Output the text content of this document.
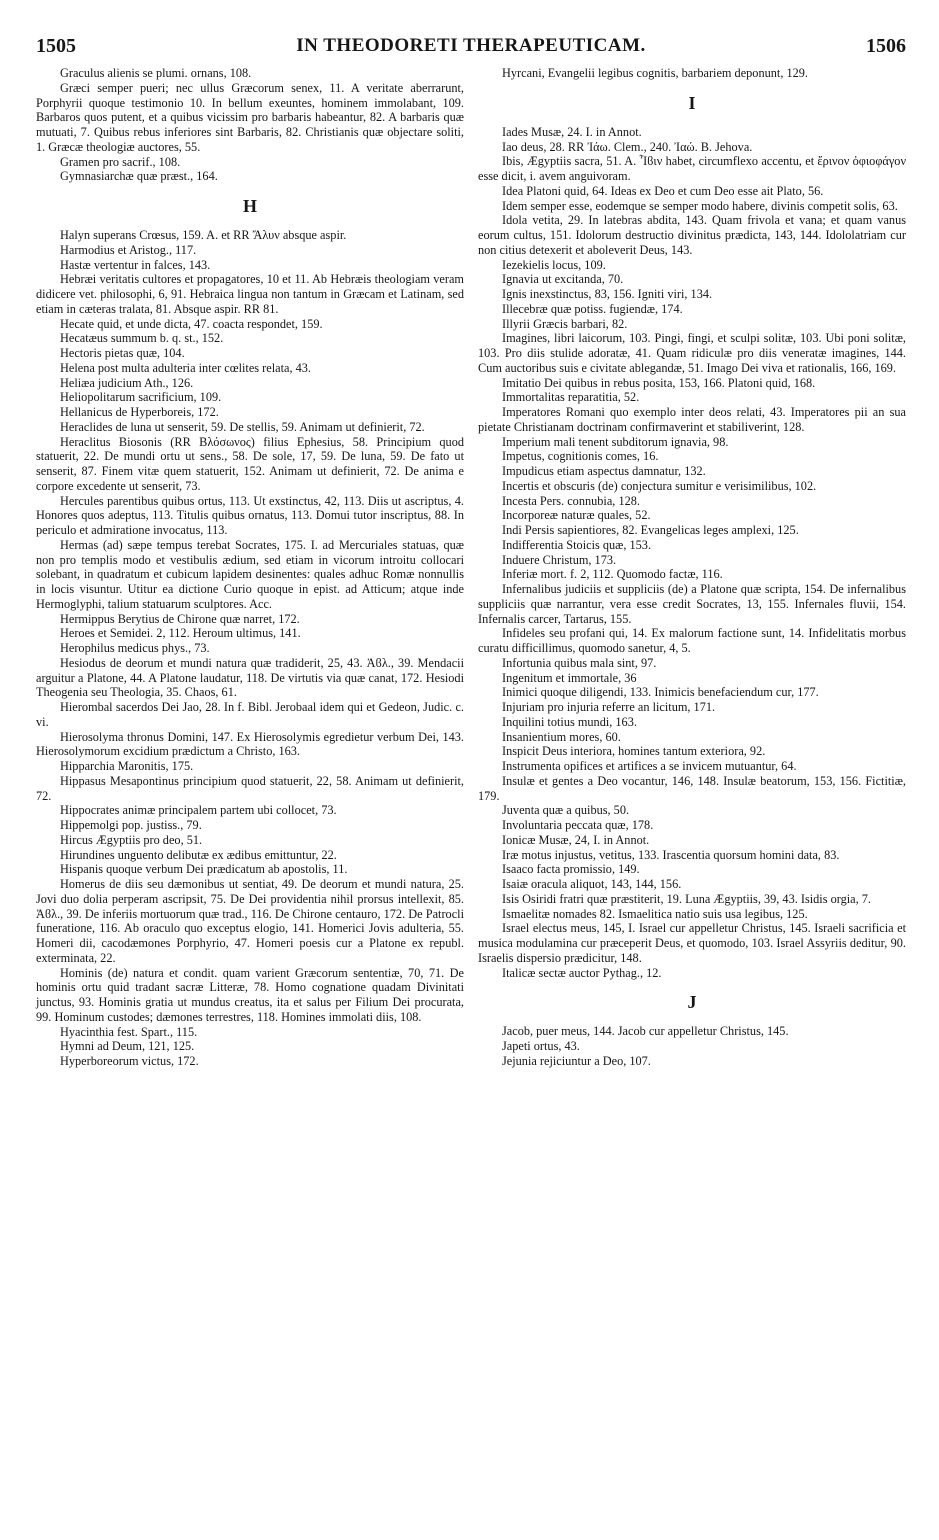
1505	IN THEODORETI THERAPEUTICAM.	1506

Graculus alienis se plumi. ornans, 108.

Græci semper pueri; nec ullus Græcorum senex, 11. A veritate aberrarunt, Porphyrii quoque testimonio 10. In bellum exeuntes, hominem immolabant, 109. Barbaros quos putent, et a quibus vicissim pro barbaris habeantur, 82. A barbaris quæ mutuati, 7. Quibus rebus inferiores sint Barbaris, 82. Christianis quæ objectare soliti, 1. Græcæ theologiæ auctores, 55.

Gramen pro sacrif., 108.

Gymnasiarchæ quæ præst., 164.

H

Halyn superans Crœsus, 159. A. et RR Ἄλυν absque aspir.

Harmodius et Aristog., 117.

Hastæ vertentur in falces, 143.

Hebræi veritatis cultores et propagatores, 10 et 11. Ab Hebræis theologiam veram didicere vet. philosophi, 6, 91. Hebraica lingua non tantum in Græcam et Latinam, sed etiam in cæteras tralata, 81. Absque aspir. RR 81.

Hecate quid, et unde dicta, 47. coacta respondet, 159.

Hecatæus summum b. q. st., 152.

Hectoris pietas quæ, 104.

Helena post multa adulteria inter cœlites relata, 43.

Heliæa judicium Ath., 126.

Heliopolitarum sacrificium, 109.

Hellanicus de Hyperboreis, 172.

Heraclides de luna ut senserit, 59. De stellis, 59. Animam ut definierit, 72.

Heraclitus Biosonis (RR Βλόσωνος) filius Ephesius, 58. Principium quod statuerit, 22. De mundi ortu ut sens., 58. De sole, 17, 59. De luna, 59. De fato ut senserit, 87. Finem vitæ quem statuerit, 152. Animam ut definierit, 72. De anima e corpore excedente ut senserit, 73.

Hercules parentibus quibus ortus, 113. Ut exstinctus, 42, 113. Diis ut ascriptus, 4. Honores quos adeptus, 113. Titulis quibus ornatus, 113. Domui tutor inscriptus, 88. In periculo et admiratione invocatus, 113.

Hermas (ad) sæpe tempus terebat Socrates, 175. I. ad Mercuriales statuas, quæ non pro templis modo et vestibulis ædium, sed etiam in vicorum introitu collocari solebant, in quadratum et cubicum lapidem desinentes: quales adhuc Romæ nonnullis in locis visuntur. Utitur ea dictione Curio quoque in epist. ad Atticum; atque inde Hermoglyphi, talium statuarum sculptores. Acc.

Hermippus Berytius de Chirone quæ narret, 172.

Heroes et Semidei. 2, 112. Heroum ultimus, 141.

Herophilus medicus phys., 73.

Hesiodus de deorum et mundi natura quæ tradiderit, 25, 43. Ἀϐλ., 39. Mendacii arguitur a Platone, 44. A Platone laudatur, 118. De virtutis via quæ canat, 172. Hesiodi Theogenia seu Theologia, 35. Chaos, 61.

Hierombal sacerdos Dei Jao, 28. In f. Bibl. Jerobaal idem qui et Gedeon, Judic. c. vi.

Hierosolyma thronus Domini, 147. Ex Hierosolymis egredietur verbum Dei, 143. Hierosolymorum excidium prædictum a Christo, 163.

Hipparchia Maronitis, 175.

Hippasus Mesapontinus principium quod statuerit, 22, 58. Animam ut definierit, 72.

Hippocrates animæ principalem partem ubi collocet, 73.

Hippemolgi pop. justiss., 79.

Hircus Ægyptiis pro deo, 51.

Hirundines unguento delibutæ ex ædibus emittuntur, 22.

Hispanis quoque verbum Dei prædicatum ab apostolis, 11.

Homerus de diis seu dæmonibus ut sentiat, 49. De deorum et mundi natura, 25. Jovi duo dolia perperam ascripsit, 75. De Dei providentia nihil prorsus intellexit, 85. Ἀϐλ., 39. De inferiis mortuorum quæ trad., 116. De Chirone centauro, 172. De Patrocli funeratione, 116. Ab oraculo quo exceptus elogio, 141. Homerici Jovis adulteria, 55. Homeri dii, cacodæmones Porphyrio, 47. Homeri poesis cur a Platone ex republ. exterminata, 22.

Hominis (de) natura et condit. quam varient Græcorum sententiæ, 70, 71. De hominis ortu quid tradant sacræ Litteræ, 78. Homo cognatione quadam Divinitati junctus, 93. Hominis gratia ut mundus creatus, ita et salus per Filium Dei procurata, 99. Hominum custodes; dæmones terrestres, 118. Homines immolati diis, 108.

Hyacinthia fest. Spart., 115.

Hymni ad Deum, 121, 125.

Hyperboreorum victus, 172.

Hyrcani, Evangelii legibus cognitis, barbariem deponunt, 129.

I

Iades Musæ, 24. I. in Annot.

Iao deus, 28. RR Ἰάω. Clem., 240. Ἰαώ. B. Jehova.

Ibis, Ægyptiis sacra, 51. A. Ἶϐιν habet, circumflexo accentu, et ἔρινον ὀφιοφάγον esse dicit, i. avem anguivoram.

Idea Platoni quid, 64. Ideas ex Deo et cum Deo esse ait Plato, 56.

Idem semper esse, eodemque se semper modo habere, divinis competit solis, 63.

Idola vetita, 29. In latebras abdita, 143. Quam frivola et vana; et quam vanus eorum cultus, 151. Idolorum destructio divinitus prædicta, 143, 144. Idololatriam cur non citius detexerit et aboleverit Deus, 143.

Iezekielis locus, 109.

Ignavia ut excitanda, 70.

Ignis inexstinctus, 83, 156. Igniti viri, 134.

Illecebræ quæ potiss. fugiendæ, 174.

Illyrii Græcis barbari, 82.

Imagines, libri laicorum, 103. Pingi, fingi, et sculpi solitæ, 103. Ubi poni solitæ, 103. Pro diis stulide adoratæ, 41. Quam ridiculæ pro diis veneratæ imagines, 144. Cum auctoribus suis e civitate ablegandæ, 51. Imago Dei viva et rationalis, 166, 169.

Imitatio Dei quibus in rebus posita, 153, 166. Platoni quid, 168.

Immortalitas reparatitia, 52.

Imperatores Romani quo exemplo inter deos relati, 43. Imperatores pii an sua pietate Christianam doctrinam confirmaverint et stabiliverint, 128.

Imperium mali tenent subditorum ignavia, 98.

Impetus, cognitionis comes, 16.

Impudicus etiam aspectus damnatur, 132.

Incertis et obscuris (de) conjectura sumitur e verisimilibus, 102.

Incesta Pers. connubia, 128.

Incorporeæ naturæ quales, 52.

Indi Persis sapientiores, 82. Evangelicas leges amplexi, 125.

Indifferentia Stoicis quæ, 153.

Induere Christum, 173.

Inferiæ mort. f. 2, 112. Quomodo factæ, 116.

Infernalibus judiciis et suppliciis (de) a Platone quæ scripta, 154. De infernalibus suppliciis quæ narrantur, vera esse credit Socrates, 13, 155. Infernales fluvii, 154. Infernalis carcer, Tartarus, 155.

Infideles seu profani qui, 14. Ex malorum factione sunt, 14. Infidelitatis morbus curatu difficillimus, quomodo sanetur, 4, 5.

Infortunia quibus mala sint, 97.

Ingenitum et immortale, 36

Inimici quoque diligendi, 133. Inimicis benefaciendum cur, 177.

Injuriam pro injuria referre an licitum, 171.

Inquilini totius mundi, 163.

Insanientium mores, 60.

Inspicit Deus interiora, homines tantum exteriora, 92.

Instrumenta opifices et artifices a se invicem mutuantur, 64.

Insulæ et gentes a Deo vocantur, 146, 148. Insulæ beatorum, 153, 156. Fictitiæ, 179.

Juventa quæ a quibus, 50.

Involuntaria peccata quæ, 178.

Ionicæ Musæ, 24, I. in Annot.

Iræ motus injustus, vetitus, 133. Irascentia quorsum homini data, 83.

Isaaco facta promissio, 149.

Isaiæ oracula aliquot, 143, 144, 156.

Isis Osiridi fratri quæ præstiterit, 19. Luna Ægyptiis, 39, 43. Isidis orgia, 7.

Ismaelitæ nomades 82. Ismaelitica natio suis usa legibus, 125.

Israel electus meus, 145, I. Israel cur appelletur Christus, 145. Israeli sacrificia et musica modulamina cur præceperit Deus, et quomodo, 103. Israel Assyriis deditur, 90. Israelis dispersio prædicitur, 148.

Italicæ sectæ auctor Pythag., 12.

J

Jacob, puer meus, 144. Jacob cur appelletur Christus, 145.

Japeti ortus, 43.

Jejunia rejiciuntur a Deo, 107.
